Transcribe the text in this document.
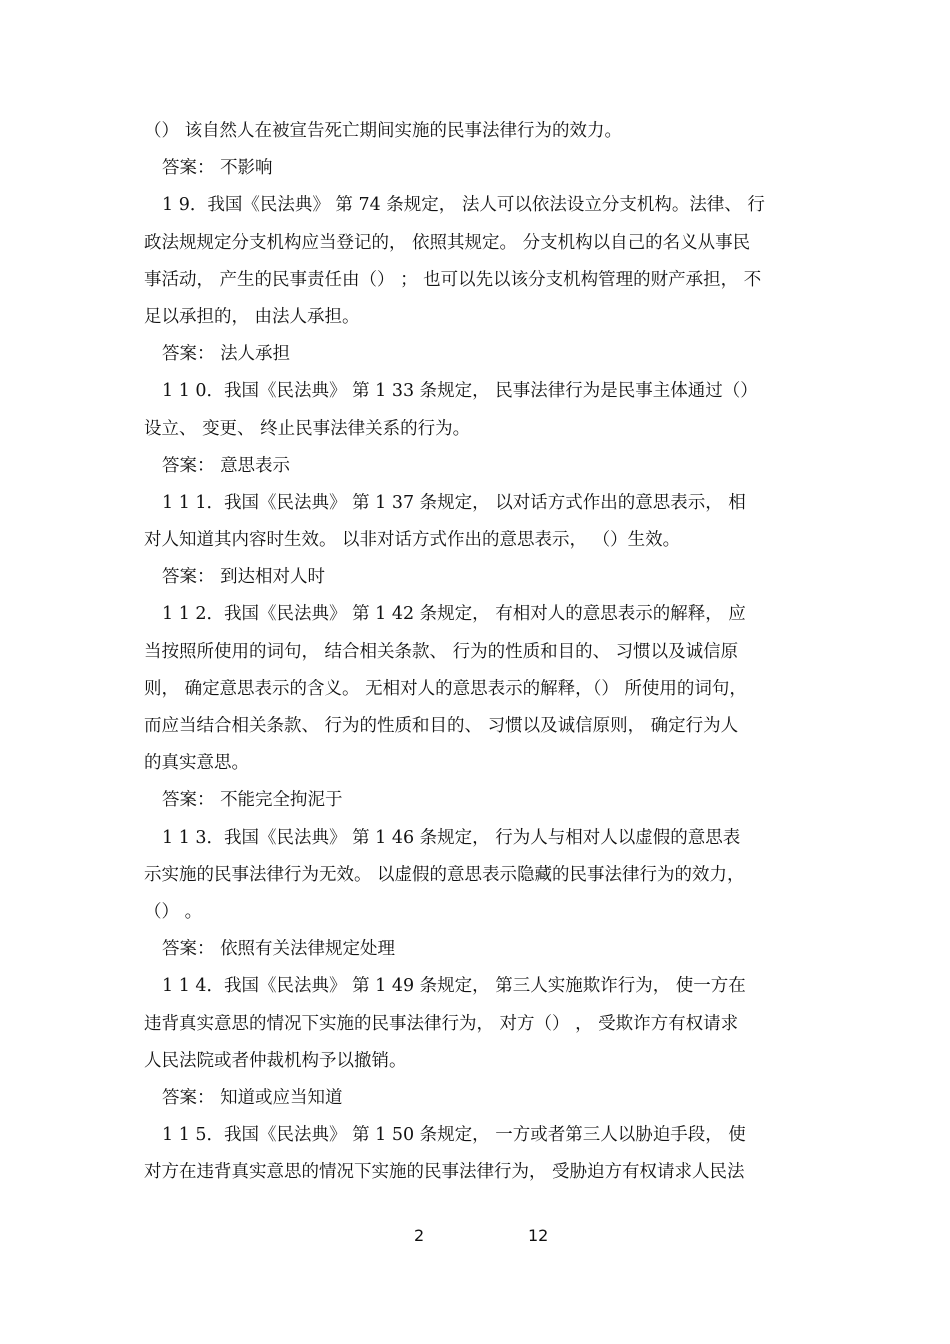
（） 该自然人在被宣告死亡期间实施的民事法律行为的效力。
答案： 不影响
1 9．我国《民法典》 第 74 条规定， 法人可以依法设立分支机构。法律、 行
政法规规定分支机构应当登记的， 依照其规定。 分支机构以自己的名义从事民
事活动， 产生的民事责任由（） ； 也可以先以该分支机构管理的财产承担， 不
足以承担的， 由法人承担。
答案： 法人承担
1 1 0．我国《民法典》 第 1 33 条规定， 民事法律行为是民事主体通过（）
设立、 变更、 终止民事法律关系的行为。
答案： 意思表示
1 1 1．我国《民法典》 第 1 37 条规定， 以对话方式作出的意思表示， 相
对人知道其内容时生效。 以非对话方式作出的意思表示， （）生效。
答案： 到达相对人时
1 1 2．我国《民法典》 第 1 42 条规定， 有相对人的意思表示的解释， 应
当按照所使用的词句， 结合相关条款、 行为的性质和目的、 习惯以及诚信原
则， 确定意思表示的含义。 无相对人的意思表示的解释，（） 所使用的词句，
而应当结合相关条款、 行为的性质和目的、 习惯以及诚信原则， 确定行为人
的真实意思。
答案： 不能完全拘泥于
1 1 3．我国《民法典》 第 1 46 条规定， 行为人与相对人以虚假的意思表
示实施的民事法律行为无效。 以虚假的意思表示隐藏的民事法律行为的效力，
（） 。
答案： 依照有关法律规定处理
1 1 4．我国《民法典》 第 1 49 条规定， 第三人实施欺诈行为， 使一方在
违背真实意思的情况下实施的民事法律行为， 对方（） ， 受欺诈方有权请求
人民法院或者仲裁机构予以撤销。
答案： 知道或应当知道
1 1 5．我国《民法典》 第 1 50 条规定， 一方或者第三人以胁迫手段， 使
对方在违背真实意思的情况下实施的民事法律行为， 受胁迫方有权请求人民法
2	12
